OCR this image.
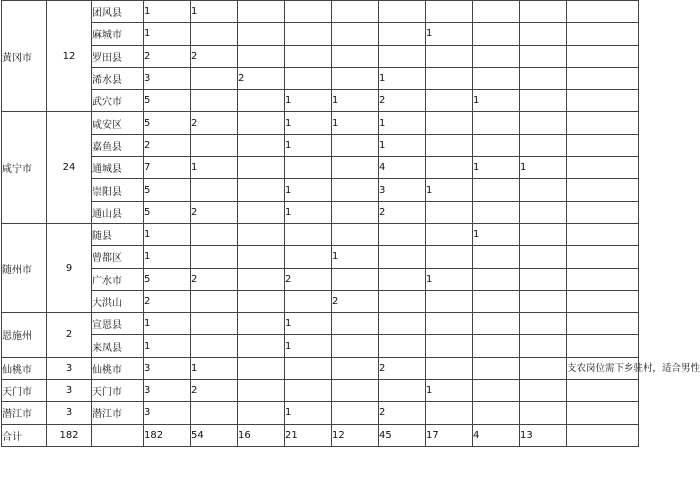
黄冈市	12	团风县	1	1								
		麻城市	1						1			
		罗田县	2	2								
		浠水县	3		2			1				
		武穴市	5			1	1	2		1		
咸宁市	24	咸安区	5	2		1	1	1				
		嘉鱼县	2			1		1				
		通城县	7	1				4		1	1	
		崇阳县	5			1		3	1			
		通山县	5	2		1		2				
随州市	9	随县	1							1		
		曾都区	1				1					
		广水市	5	2		2			1			
		大洪山	2				2					
恩施州	2	宣恩县	1			1						
		来凤县	1			1						
仙桃市	3	仙桃市	3	1				2				支农岗位需下乡驻村，适合男性
天门市	3	天门市	3	2					1			
潜江市	3	潜江市	3			1		2				
合计	182		182	54	16	21	12	45	17	4	13	
